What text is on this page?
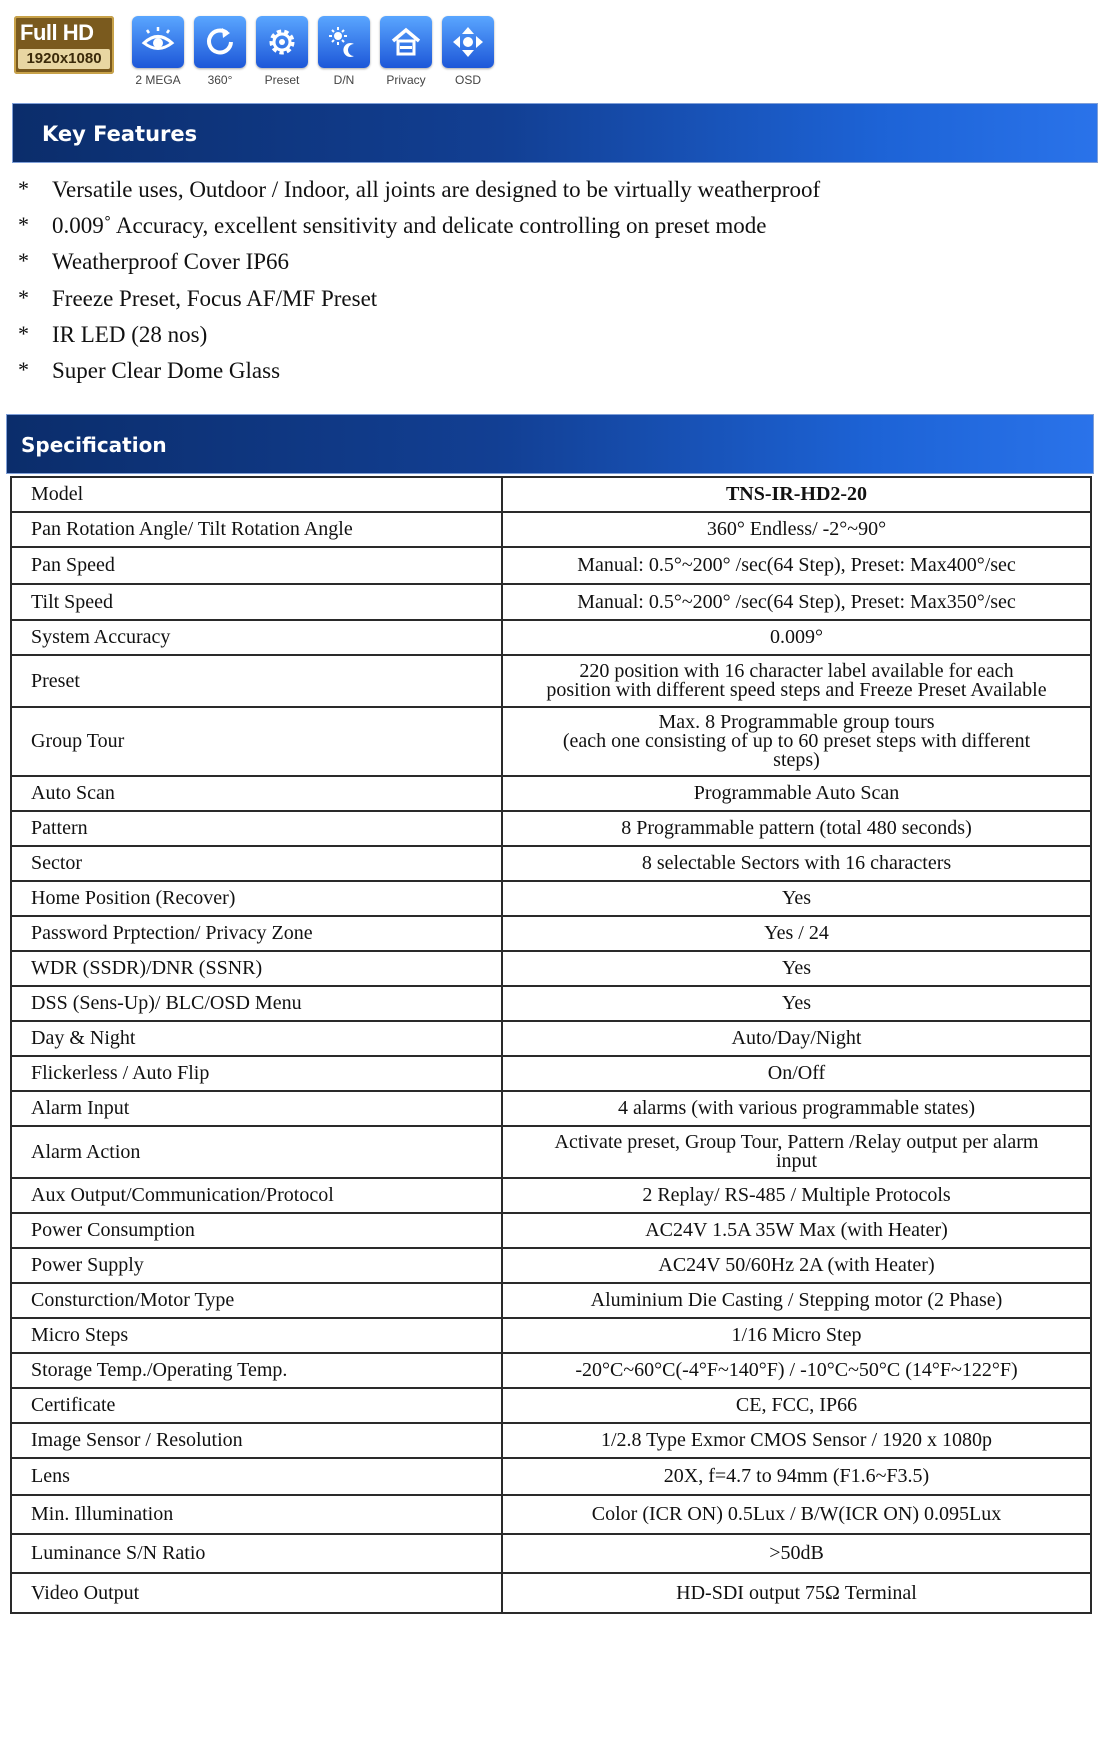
Full HD
1920x1080
2 MEGA	360°	Preset	D/N	Privacy	OSD
Key Features
* Versatile uses, Outdoor / Indoor, all joints are designed to be virtually weatherproof
* 0.009˚ Accuracy, excellent sensitivity and delicate controlling on preset mode
* Weatherproof Cover IP66
* Freeze Preset, Focus AF/MF Preset
* IR LED (28 nos)
* Super Clear Dome Glass
Specification
Model	TNS-IR-HD2-20

Pan Rotation Angle/ Tilt Rotation Angle	360° Endless/ -2°~90°

Pan Speed	Manual: 0.5°~200° /sec(64 Step), Preset: Max400°/sec

Tilt Speed	Manual: 0.5°~200° /sec(64 Step), Preset: Max350°/sec

System Accuracy	0.009°

Preset	220 position with 16 character label available for each
position with different speed steps and Freeze Preset Available

Group Tour	Max. 8 Programmable group tours
(each one consisting of up to 60 preset steps with different
steps)

Auto Scan	Programmable Auto Scan

Pattern	8 Programmable pattern (total 480 seconds)

Sector	8 selectable Sectors with 16 characters

Home Position (Recover)	Yes

Password Prptection/ Privacy Zone	Yes / 24

WDR (SSDR)/DNR (SSNR)	Yes

DSS (Sens-Up)/ BLC/OSD Menu	Yes

Day & Night	Auto/Day/Night

Flickerless / Auto Flip	On/Off

Alarm Input	4 alarms (with various programmable states)

Alarm Action	Activate preset, Group Tour, Pattern /Relay output per alarm
input

Aux Output/Communication/Protocol	2 Replay/ RS-485 / Multiple Protocols

Power Consumption	AC24V 1.5A 35W Max (with Heater)

Power Supply	AC24V 50/60Hz 2A (with Heater)

Consturction/Motor Type	Aluminium Die Casting / Stepping motor (2 Phase)

Micro Steps	1/16 Micro Step

Storage Temp./Operating Temp.	-20°C~60°C(-4°F~140°F) / -10°C~50°C (14°F~122°F)

Certificate	CE, FCC, IP66

Image Sensor / Resolution	1/2.8 Type Exmor CMOS Sensor / 1920 x 1080p

Lens	20X, f=4.7 to 94mm (F1.6~F3.5)

Min. Illumination	Color (ICR ON) 0.5Lux / B/W(ICR ON) 0.095Lux

Luminance S/N Ratio	>50dB

Video Output	HD-SDI output 75Ω Terminal
